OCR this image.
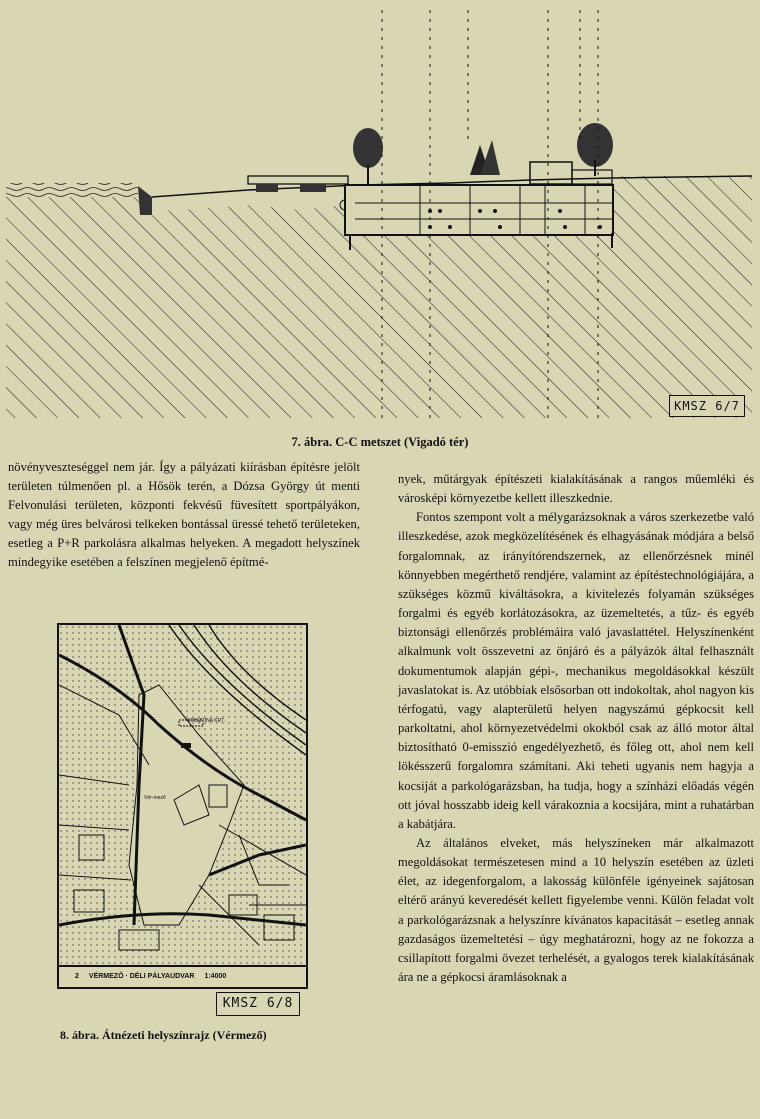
KMSZ 6/7
7. ábra. C-C metszet (Vigadó tér)

növényveszteséggel nem jár. Így a pályázati kiírásban építésre jelölt területen túlmenően pl. a Hősök terén, a Dózsa György út menti Felvonulási területen, központi fekvésű füvesített sportpályákon, vagy még üres belvárosi telkeken bontással üressé tehető területeken, esetleg a P+R parkolásra alkalmas helyeken. A megadott helyszínek mindegyike esetében a felszínen megjelenő építmé-

KRISZTINA KRT.
Vér-mező
2 VÉRMEZŐ · DÉLI PÁLYAUDVAR 1:4000
KMSZ 6/8
8. ábra. Átnézeti helyszínrajz (Vérmező)

nyek, műtárgyak építészeti kialakításának a rangos műemléki és városképi környezetbe kellett illeszkednie.

Fontos szempont volt a mélygarázsoknak a város szerkezetbe való illeszkedése, azok megközelítésének és elhagyásának módjára a belső forgalomnak, az irányítórendszernek, az ellenőrzésnek minél könnyebben megérthető rendjére, valamint az építéstechnológiájára, a szükséges közmű kiváltásokra, a kivitelezés folyamán szükséges forgalmi és egyéb korlátozásokra, az üzemeltetés, a tűz- és egyéb biztonsági ellenőrzés problémáira való javaslattétel. Helyszínenként alkalmunk volt összevetni az önjáró és a pályázók által felhasznált dokumentumok alapján gépi-, mechanikus megoldásokkal készült javaslatokat is. Az utóbbiak elsősorban ott indokoltak, ahol nagyon kis térfogatú, vagy alapterületű helyen nagyszámú gépkocsit kell parkoltatni, ahol környezetvédelmi okokból csak az álló motor által biztosítható 0-emisszió engedélyezhető, és főleg ott, ahol nem kell lökésszerű forgalomra számítani. Aki teheti ugyanis nem hagyja a kocsiját a parkológarázsban, ha tudja, hogy a színházi előadás végén ott jóval hosszabb ideig kell várakoznia a kocsijára, mint a ruhatárban a kabátjára.

Az általános elveket, más helyszíneken már alkalmazott megoldásokat természetesen mind a 10 helyszín esetében az üzleti élet, az idegenforgalom, a lakosság különféle igényeinek sajátosan eltérő arányú keveredését kellett figyelembe venni. Külön feladat volt a parkológarázsnak a helyszínre kívánatos kapacitását – esetleg annak gazdaságos üzemeltetési – úgy meghatározni, hogy az ne fokozza a csillapított forgalmi övezet terhelését, a gyalogos terek kialakításának ára ne a gépkocsi áramlásoknak a
